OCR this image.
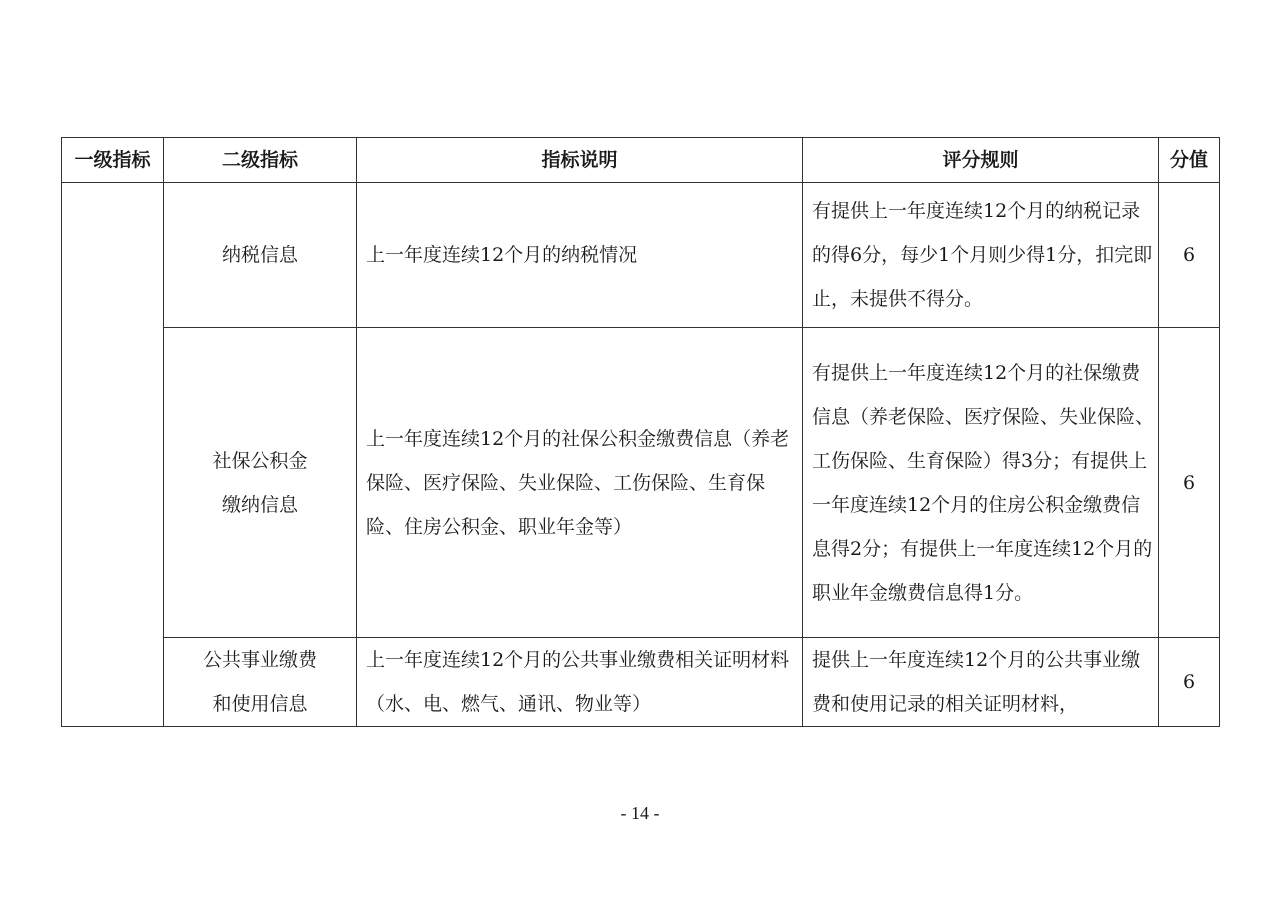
一级指标	二级指标	指标说明	评分规则	分值
	纳税信息	上一年度连续12个月的纳税情况	有提供上一年度连续12个月的纳税记录的得6分，每少1个月则少得1分，扣完即止，未提供不得分。	6
	社保公积金缴纳信息	上一年度连续12个月的社保公积金缴费信息（养老保险、医疗保险、失业保险、工伤保险、生育保险、住房公积金、职业年金等）	有提供上一年度连续12个月的社保缴费信息（养老保险、医疗保险、失业保险、工伤保险、生育保险）得3分；有提供上一年度连续12个月的住房公积金缴费信息得2分；有提供上一年度连续12个月的职业年金缴费信息得1分。	6
	公共事业缴费和使用信息	上一年度连续12个月的公共事业缴费相关证明材料（水、电、燃气、通讯、物业等）	提供上一年度连续12个月的公共事业缴费和使用记录的相关证明材料，	6
- 14 -
